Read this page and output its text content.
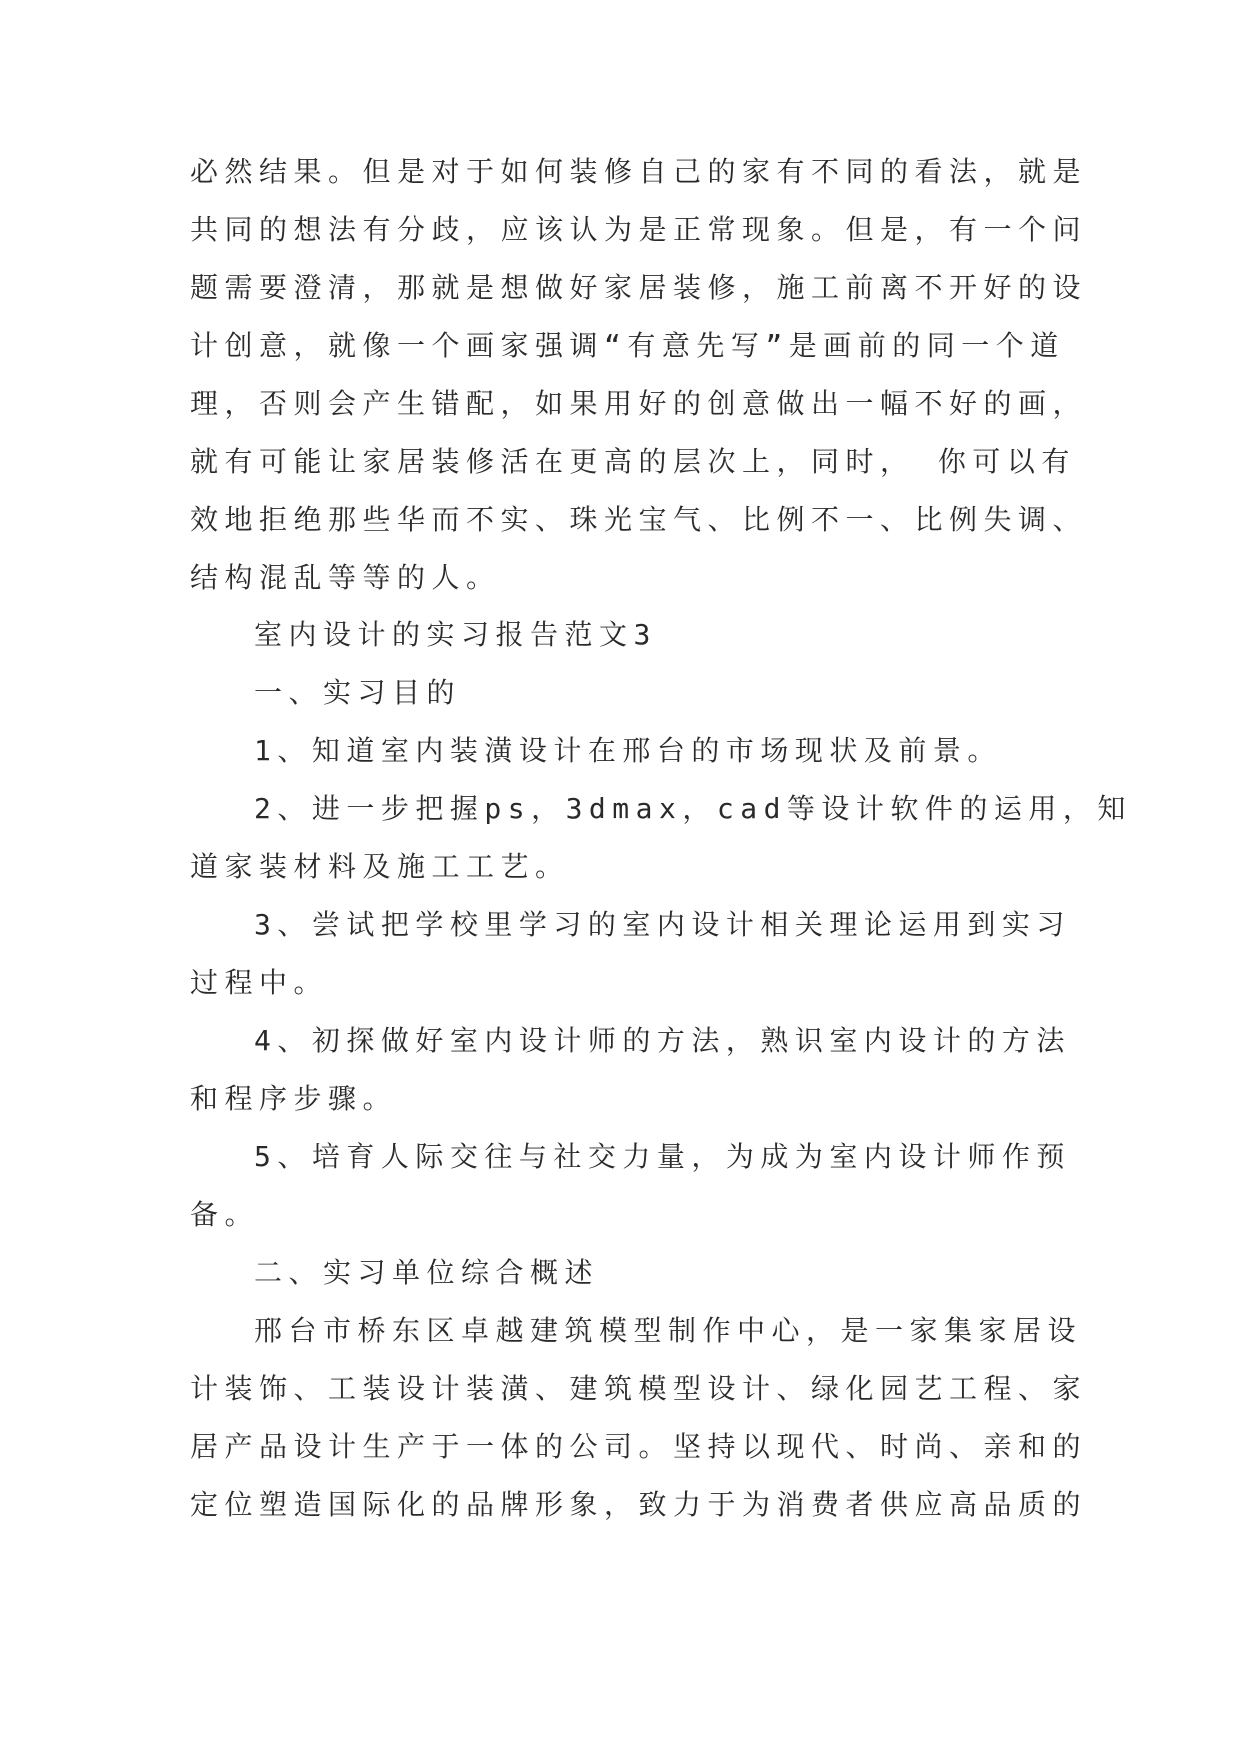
必然结果。但是对于如何装修自己的家有不同的看法，就是
共同的想法有分歧，应该认为是正常现象。但是，有一个问
题需要澄清，那就是想做好家居装修，施工前离不开好的设
计创意，就像一个画家强调“有意先写”是画前的同一个道
理，否则会产生错配，如果用好的创意做出一幅不好的画，
就有可能让家居装修活在更高的层次上，同时， 你可以有
效地拒绝那些华而不实、珠光宝气、比例不一、比例失调、
结构混乱等等的人。
室内设计的实习报告范文3
一、实习目的
1、知道室内装潢设计在邢台的市场现状及前景。
2、进一步把握ps，3dmax，cad等设计软件的运用，知
道家装材料及施工工艺。
3、尝试把学校里学习的室内设计相关理论运用到实习
过程中。
4、初探做好室内设计师的方法，熟识室内设计的方法
和程序步骤。
5、培育人际交往与社交力量，为成为室内设计师作预
备。
二、实习单位综合概述
邢台市桥东区卓越建筑模型制作中心，是一家集家居设
计装饰、工装设计装潢、建筑模型设计、绿化园艺工程、家
居产品设计生产于一体的公司。坚持以现代、时尚、亲和的
定位塑造国际化的品牌形象，致力于为消费者供应高品质的
